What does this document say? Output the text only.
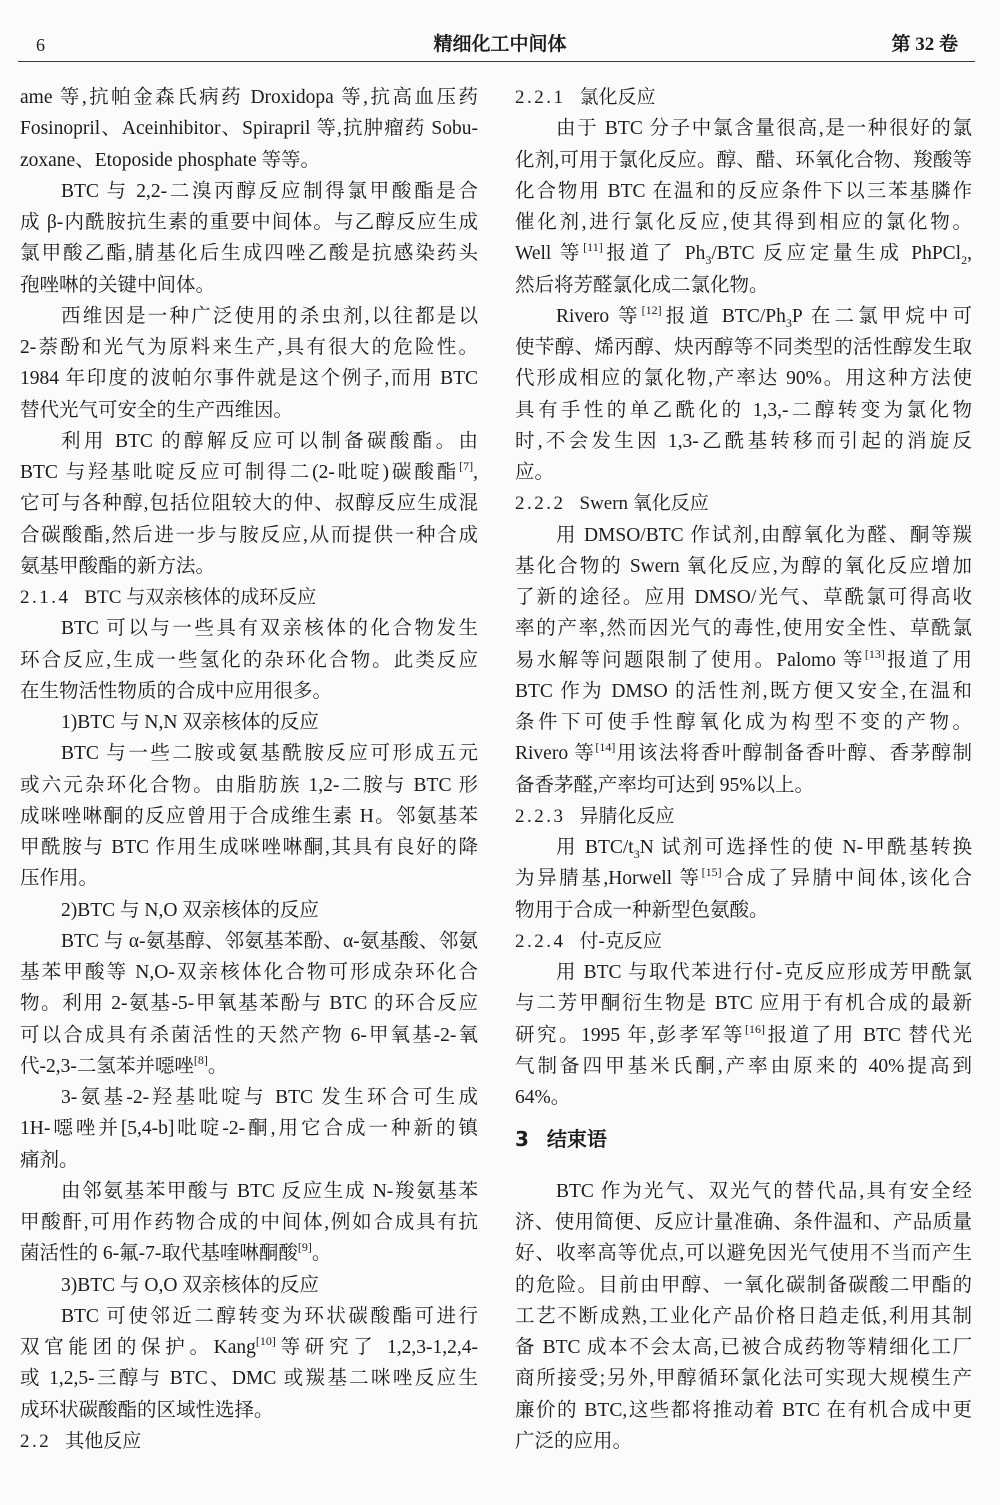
6	精细化工中间体	第 32 卷
ame 等,抗帕金森氏病药 Droxidopa 等,抗高血压药
Fosinopril、Aceinhibitor、Spirapril 等,抗肿瘤药 Sobu-
zoxane、Etoposide phosphate 等等。
BTC 与 2,2-二溴丙醇反应制得氯甲酸酯是合
成 β-内酰胺抗生素的重要中间体。与乙醇反应生成
氯甲酸乙酯,腈基化后生成四唑乙酸是抗感染药头
孢唑啉的关键中间体。
西维因是一种广泛使用的杀虫剂,以往都是以
2-萘酚和光气为原料来生产,具有很大的危险性。
1984 年印度的波帕尔事件就是这个例子,而用 BTC
替代光气可安全的生产西维因。
利用 BTC 的醇解反应可以制备碳酸酯。由
BTC 与羟基吡啶反应可制得二(2-吡啶)碳酸酯[7],
它可与各种醇,包括位阻较大的仲、叔醇反应生成混
合碳酸酯,然后进一步与胺反应,从而提供一种合成
氨基甲酸酯的新方法。
2.1.4 BTC 与双亲核体的成环反应
BTC 可以与一些具有双亲核体的化合物发生
环合反应,生成一些氢化的杂环化合物。此类反应
在生物活性物质的合成中应用很多。
1)BTC 与 N,N 双亲核体的反应
BTC 与一些二胺或氨基酰胺反应可形成五元
或六元杂环化合物。由脂肪族 1,2-二胺与 BTC 形
成咪唑啉酮的反应曾用于合成维生素 H。邻氨基苯
甲酰胺与 BTC 作用生成咪唑啉酮,其具有良好的降
压作用。
2)BTC 与 N,O 双亲核体的反应
BTC 与 α-氨基醇、邻氨基苯酚、α-氨基酸、邻氨
基苯甲酸等 N,O-双亲核体化合物可形成杂环化合
物。利用 2-氨基-5-甲氧基苯酚与 BTC 的环合反应
可以合成具有杀菌活性的天然产物 6-甲氧基-2-氧
代-2,3-二氢苯并噁唑[8]。
3-氨基-2-羟基吡啶与 BTC 发生环合可生成
1H-噁唑并[5,4-b]吡啶-2-酮,用它合成一种新的镇
痛剂。
由邻氨基苯甲酸与 BTC 反应生成 N-羧氨基苯
甲酸酐,可用作药物合成的中间体,例如合成具有抗
菌活性的 6-氟-7-取代基喹啉酮酸[9]。
3)BTC 与 O,O 双亲核体的反应
BTC 可使邻近二醇转变为环状碳酸酯可进行
双官能团的保护。Kang[10]等研究了 1,2,3-1,2,4-
或 1,2,5-三醇与 BTC、DMC 或羰基二咪唑反应生
成环状碳酸酯的区域性选择。
2.2 其他反应
2.2.1 氯化反应
由于 BTC 分子中氯含量很高,是一种很好的氯
化剂,可用于氯化反应。醇、醋、环氧化合物、羧酸等
化合物用 BTC 在温和的反应条件下以三苯基膦作
催化剂,进行氯化反应,使其得到相应的氯化物。
Well 等[11]报道了 $Ph_3$/BTC 反应定量生成 PhPCl$_2$,
然后将芳醛氯化成二氯化物。
Rivero 等[12]报道 BTC/$Ph_3P$ 在二氯甲烷中可
使苄醇、烯丙醇、炔丙醇等不同类型的活性醇发生取
代形成相应的氯化物,产率达 90%。用这种方法使
具有手性的单乙酰化的 1,3,-二醇转变为氯化物
时,不会发生因 1,3-乙酰基转移而引起的消旋反
应。
2.2.2 Swern 氧化反应
用 DMSO/BTC 作试剂,由醇氧化为醛、酮等羰
基化合物的 Swern 氧化反应,为醇的氧化反应增加
了新的途径。应用 DMSO/光气、草酰氯可得高收
率的产率,然而因光气的毒性,使用安全性、草酰氯
易水解等问题限制了使用。Palomo 等[13]报道了用
BTC 作为 DMSO 的活性剂,既方便又安全,在温和
条件下可使手性醇氧化成为构型不变的产物。
Rivero 等[14]用该法将香叶醇制备香叶醇、香茅醇制
备香茅醛,产率均可达到 95%以上。
2.2.3 异腈化反应
用 BTC/$t_3N$ 试剂可选择性的使 N-甲酰基转换
为异腈基,Horwell 等[15]合成了异腈中间体,该化合
物用于合成一种新型色氨酸。
2.2.4 付-克反应
用 BTC 与取代苯进行付-克反应形成芳甲酰氯
与二芳甲酮衍生物是 BTC 应用于有机合成的最新
研究。1995 年,彭孝军等[16]报道了用 BTC 替代光
气制备四甲基米氏酮,产率由原来的 40%提高到
64%。
3 结束语
BTC 作为光气、双光气的替代品,具有安全经
济、使用简便、反应计量准确、条件温和、产品质量
好、收率高等优点,可以避免因光气使用不当而产生
的危险。目前由甲醇、一氧化碳制备碳酸二甲酯的
工艺不断成熟,工业化产品价格日趋走低,利用其制
备 BTC 成本不会太高,已被合成药物等精细化工厂
商所接受;另外,甲醇循环氯化法可实现大规模生产
廉价的 BTC,这些都将推动着 BTC 在有机合成中更
广泛的应用。
